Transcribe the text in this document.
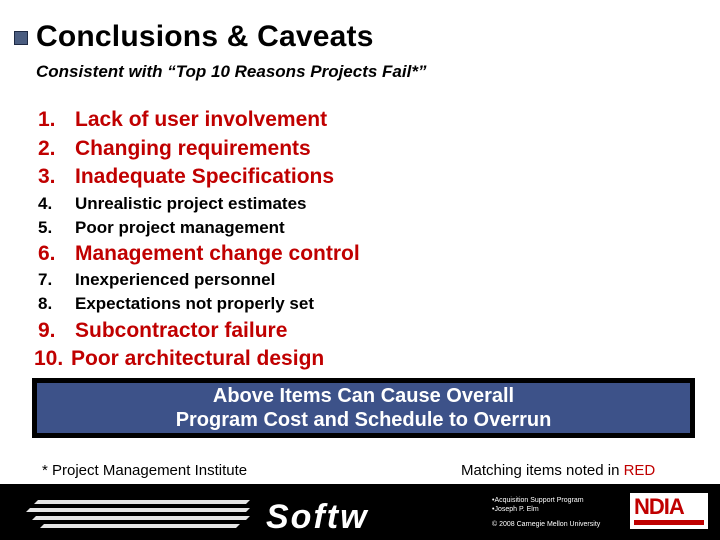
Conclusions & Caveats
Consistent with “Top 10 Reasons Projects Fail*”
1. Lack of user involvement
2. Changing requirements
3. Inadequate Specifications
4. Unrealistic project estimates
5. Poor project management
6. Management change control
7. Inexperienced personnel
8. Expectations not properly set
9. Subcontractor failure
10. Poor architectural design
Above Items Can Cause Overall
Program Cost and Schedule to Overrun
* Project Management Institute	Matching items noted in RED
Softw	•Acquisition Support Program
•Joseph P. Elm
© 2008 Carnegie Mellon University
NDIA
